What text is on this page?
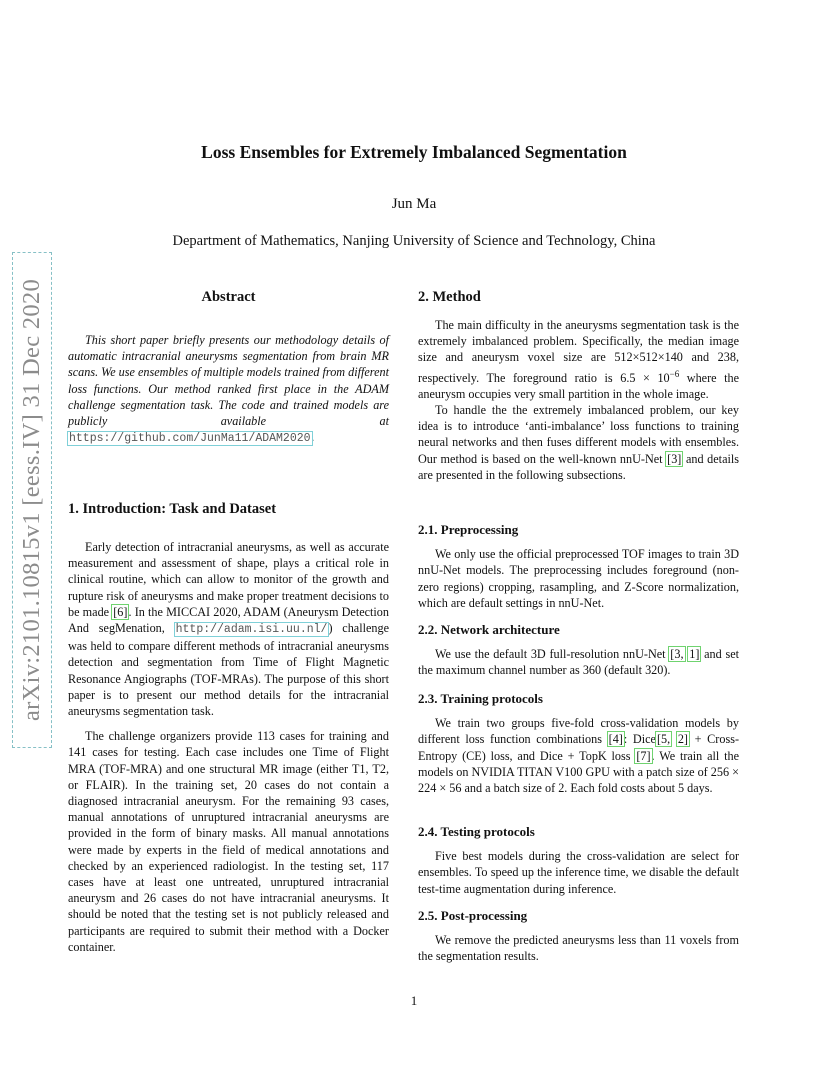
Loss Ensembles for Extremely Imbalanced Segmentation
Jun Ma
Department of Mathematics, Nanjing University of Science and Technology, China
arXiv:2101.10815v1 [eess.IV] 31 Dec 2020	Abstract

This short paper briefly presents our methodology details of automatic intracranial aneurysms segmentation from brain MR scans. We use ensembles of multiple models trained from different loss functions. Our method ranked first place in the ADAM challenge segmentation task. The code and trained models are publicly available at https://github.com/JunMa11/ADAM2020.

1. Introduction: Task and Dataset

Early detection of intracranial aneurysms, as well as accurate measurement and assessment of shape, plays a critical role in clinical routine, which can allow to monitor of the growth and rupture risk of aneurysms and make proper treatment decisions to be made [6]. In the MICCAI 2020, ADAM (Aneurysm Detection And segMenation, http://adam.isi.uu.nl/) challenge was held to compare different methods of intracranial aneurysms detection and segmentation from Time of Flight Magnetic Resonance Angiographs (TOF-MRAs). The purpose of this short paper is to present our method details for the intracranial aneurysms segmentation task.

The challenge organizers provide 113 cases for training and 141 cases for testing. Each case includes one Time of Flight MRA (TOF-MRA) and one structural MR image (either T1, T2, or FLAIR). In the training set, 20 cases do not contain a diagnosed intracranial aneurysm. For the remaining 93 cases, manual annotations of unruptured intracranial aneurysms are provided in the form of binary masks. All manual annotations were made by experts in the field of medical annotations and checked by an experienced radiologist. In the testing set, 117 cases have at least one untreated, unruptured intracranial aneurysm and 26 cases do not have intracranial aneurysms. It should be noted that the testing set is not publicly released and participants are required to submit their method with a Docker container.

2. Method

The main difficulty in the aneurysms segmentation task is the extremely imbalanced problem. Specifically, the median image size and aneurysm voxel size are 512×512×140 and 238, respectively. The foreground ratio is $6.5 \times 10^{-6}$ where the aneurysm occupies very small partition in the whole image.

To handle the the extremely imbalanced problem, our key idea is to introduce ‘anti-imbalance’ loss functions to training neural networks and then fuses different models with ensembles. Our method is based on the well-known nnU-Net [3] and details are presented in the following subsections.

2.1. Preprocessing

We only use the official preprocessed TOF images to train 3D nnU-Net models. The preprocessing includes foreground (non-zero regions) cropping, rasampling, and Z-Score normalization, which are default settings in nnU-Net.

2.2. Network architecture

We use the default 3D full-resolution nnU-Net [3, 1] and set the maximum channel number as 360 (default 320).

2.3. Training protocols

We train two groups five-fold cross-validation models by different loss function combinations [4]: Dice[5, 2] + Cross-Entropy (CE) loss, and Dice + TopK loss [7]. We train all the models on NVIDIA TITAN V100 GPU with a patch size of 256 × 224 × 56 and a batch size of 2. Each fold costs about 5 days.

2.4. Testing protocols

Five best models during the cross-validation are select for ensembles. To speed up the inference time, we disable the default test-time augmentation during inference.

2.5. Post-processing

We remove the predicted aneurysms less than 11 voxels from the segmentation results.

1
